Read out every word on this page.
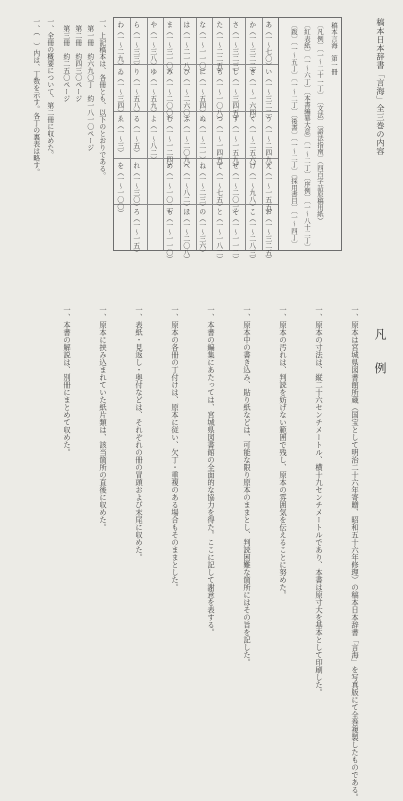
稿本日本辞書「言海」全三巻の内容
稿本言海　第一冊
〔凡例〕〔一～二十一丁〕　〔文法〕〔語法指南〕（四百字詰原稿用紙）
〔紅表紙〕〔一～六丁〕〔本書編纂大意〕〔一～二丁〕〔序例〕〔一～八十二丁〕
〔跋〕〔一～五丁〕〔一～二丁〕〔後書〕〔一～二丁〕〔採用書目〕〔一～四丁〕
あ（一～七〇）
か（一～三二二）
さ（一～三二三）
た（一～二二五）
な（一～一一〇）
は（一～二一八）
ま（一～三一〇）
や（一～三八）
ら（一～三三）
わ（一～二九）
い（一～三二二）
き（一～一六四）
し（一～三四五）
ち（一～一〇八）
に（一～五四）
ひ（一～二六〇）
み（一～二〇〇）
ゆ（一～五九）
り（一～五八）
ゐ（一～三四）
う（一～二四九）
く（一～二五六）
す（一～一五九）
つ（一～一四五）
ぬ（一～二一）
ふ（一～二〇九）
む（一～一二四）
よ（一～八二）
る（一～五）
ゑ（一～三）
え（一～一五五）
け（一～九八）
せ（一～二〇一）
て（一～七五）
ね（一～二三）
へ（一～八二）
め（一～一〇二）
れ（一～三〇）
を（一～一〇〇）
お（一～三二五）
こ（一～二八三）
そ（一～一一二）
と（一～一八二）
の（一～三六）
ほ（一～二〇八）
も（一～一一〇）
ろ（一～一五）
一、上記稿本は、各冊とも、以下のとおりである。
　第一冊　約六九〇丁　約一八一〇ページ
　第二冊　約四三〇ページ
　第三冊　約二五〇ページ
一、全冊の概要について、第二冊に収めた。
一、（　）内は、丁数を示す。各丁の裏表は略す。
凡例
一、原本は宮城県図書館所蔵（国宝として明治二十六年寄贈、昭和五十六年修理）の稿本日本辞書「言海」を写真版にて全巻複製したものである。
一、原本の寸法は、縦二十六センチメートル、横十九センチメートルであり、本書は原寸大を基本として印刷した。
一、原本の汚れは、判読を妨げない範囲で残し、原本の雰囲気を伝えることに努めた。
一、原本中の書き込み、貼り紙などは、可能な限り原本のままとし、判読困難な箇所にはその旨を記した。
一、本書の編集にあたっては、宮城県図書館の全面的な協力を得た。ここに記して謝意を表する。
一、原本の各冊の丁付けは、原本に従い、欠丁・重複のある場合もそのままとした。
一、表紙・見返し・奥付などは、それぞれの冊の冒頭および末尾に収めた。
一、原本に挟み込まれていた紙片類は、該当箇所の直後に収めた。
一、本書の解説は、別冊にまとめて収めた。
